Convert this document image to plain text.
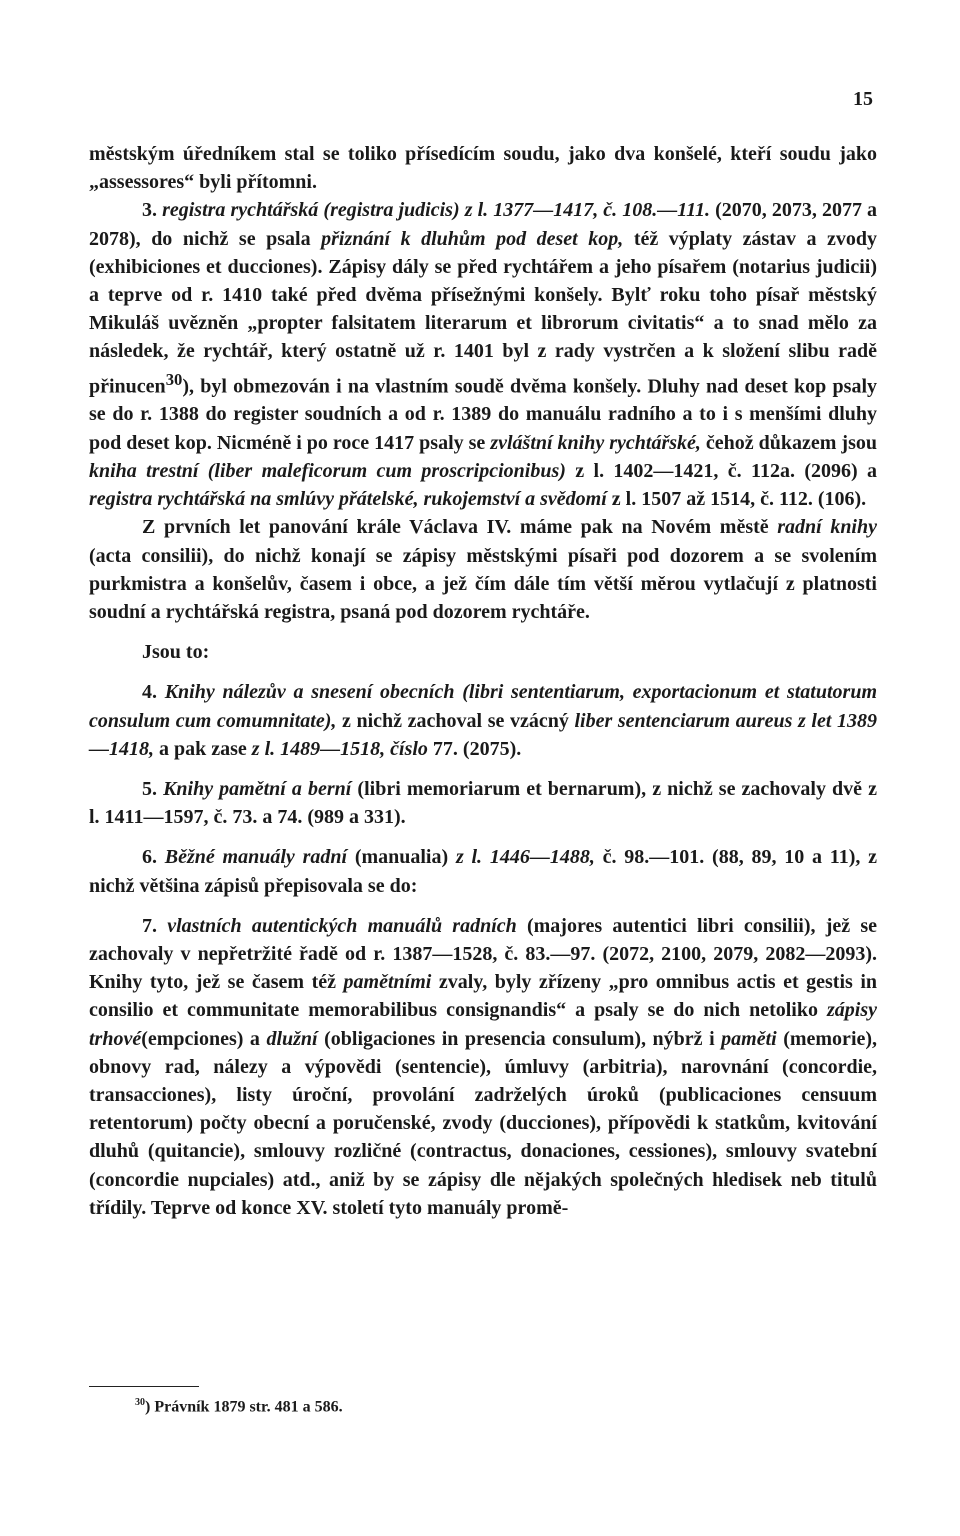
15

městským úředníkem stal se toliko přísedícím soudu, jako dva konšelé, kteří soudu jako „assessores“ byli přítomni.

3. registra rychtářská (registra judicis) z l. 1377—1417, č. 108.—111. (2070, 2073, 2077 a 2078), do nichž se psala přiznání k dluhům pod deset kop, též výplaty zástav a zvody (exhibiciones et ducciones). Zápisy dály se před rychtářem a jeho písařem (notarius judicii) a teprve od r. 1410 také před dvěma přísežnými konšely. Bylť roku toho písař městský Mikuláš uvězněn „propter falsitatem literarum et librorum civitatis“ a to snad mělo za následek, že rychtář, který ostatně už r. 1401 byl z rady vystrčen a k složení slibu radě přinucen$^{30}$), byl obmezován i na vlastním soudě dvěma konšely. Dluhy nad deset kop psaly se do r. 1388 do register soudních a od r. 1389 do manuálu radního a to i s menšími dluhy pod deset kop. Nicméně i po roce 1417 psaly se zvláštní knihy rychtářské, čehož důkazem jsou kniha trestní (liber maleficorum cum proscripcionibus) z l. 1402—1421, č. 112a. (2096) a registra rychtářská na smlúvy přátelské, rukojemství a svědomí z l. 1507 až 1514, č. 112. (106).

Z prvních let panování krále Václava IV. máme pak na Novém městě radní knihy (acta consilii), do nichž konají se zápisy městskými písaři pod dozorem a se svolením purkmistra a konšelův, časem i obce, a jež čím dále tím větší měrou vytlačují z platnosti soudní a rychtářská registra, psaná pod dozorem rychtáře.

Jsou to:

4. Knihy nálezův a snesení obecních (libri sententiarum, exportacionum et statutorum consulum cum comumnitate), z nichž zachoval se vzácný liber sentenciarum aureus z let 1389—1418, a pak zase z l. 1489—1518, číslo 77. (2075).

5. Knihy pamětní a berní (libri memoriarum et bernarum), z nichž se zachovaly dvě z l. 1411—1597, č. 73. a 74. (989 a 331).

6. Běžné manuály radní (manualia) z l. 1446—1488, č. 98.—101. (88, 89, 10 a 11), z nichž většina zápisů přepisovala se do:

7. vlastních autentických manuálů radních (majores autentici libri consilii), jež se zachovaly v nepřetržité řadě od r. 1387—1528, č. 83.—97. (2072, 2100, 2079, 2082—2093). Knihy tyto, jež se časem též pamětními zvaly, byly zřízeny „pro omnibus actis et gestis in consilio et communitate memorabilibus consignandis“ a psaly se do nich netoliko zápisy trhové(empciones) a dlužní (obligaciones in presencia consulum), nýbrž i paměti (memorie), obnovy rad, nálezy a výpovědi (sentencie), úmluvy (arbitria), narovnání (concordie, transacciones), listy úroční, provolání zadrželých úroků (publicaciones censuum retentorum) počty obecní a poručenské, zvody (ducciones), přípovědi k statkům, kvitování dluhů (quitancie), smlouvy rozličné (contractus, donaciones, cessiones), smlouvy svatební (concordie nupciales) atd., aniž by se zápisy dle nějakých společných hledisek neb titulů třídily. Teprve od konce XV. století tyto manuály promě-

$^{30}$) Právník 1879 str. 481 a 586.
